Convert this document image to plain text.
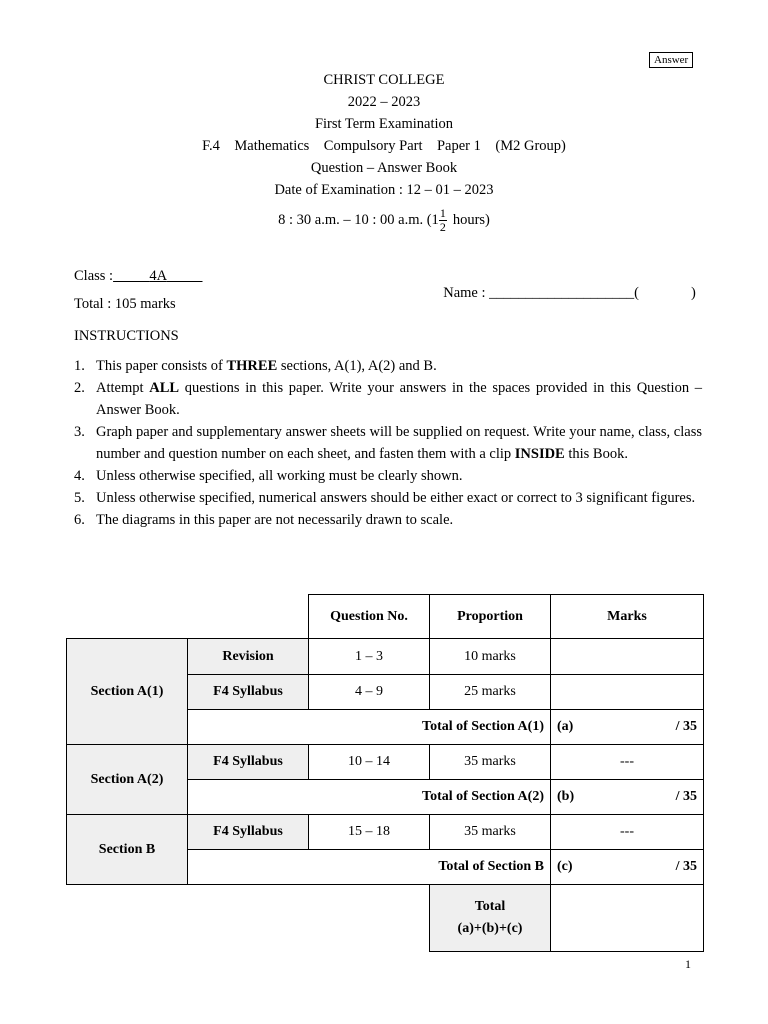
Answer
CHRIST COLLEGE
2022 – 2023
First Term Examination
F.4    Mathematics    Compulsory Part    Paper 1    (M2 Group)
Question – Answer Book
Date of Examination : 12 – 01 – 2023
8 : 30 a.m. – 10 : 00 a.m. ($1 \frac{1}{2}$ hours)
Class :	4A

Name : ____________________(	)

Total : 105 marks
INSTRUCTIONS
1. This paper consists of THREE sections, A(1), A(2) and B.
2. Attempt ALL questions in this paper. Write your answers in the spaces provided in this Question – Answer Book.
3. Graph paper and supplementary answer sheets will be supplied on request. Write your name, class, class number and question number on each sheet, and fasten them with a clip INSIDE this Book.
4. Unless otherwise specified, all working must be clearly shown.
5. Unless otherwise specified, numerical answers should be either exact or correct to 3 significant figures.
6. The diagrams in this paper are not necessarily drawn to scale.
		Question No.	Proportion	Marks
Section A(1)	Revision	1 – 3	10 marks	
	F4 Syllabus	4 – 9	25 marks	
	Total of Section A(1)			(a) / 35

Section A(2)	F4 Syllabus	10 – 14	35 marks	---
	Total of Section A(2)			(b) / 35

Section B	F4 Syllabus	15 – 18	35 marks	---
	Total of Section B			(c) / 35

			Total
(a)+(b)+(c)	

1
